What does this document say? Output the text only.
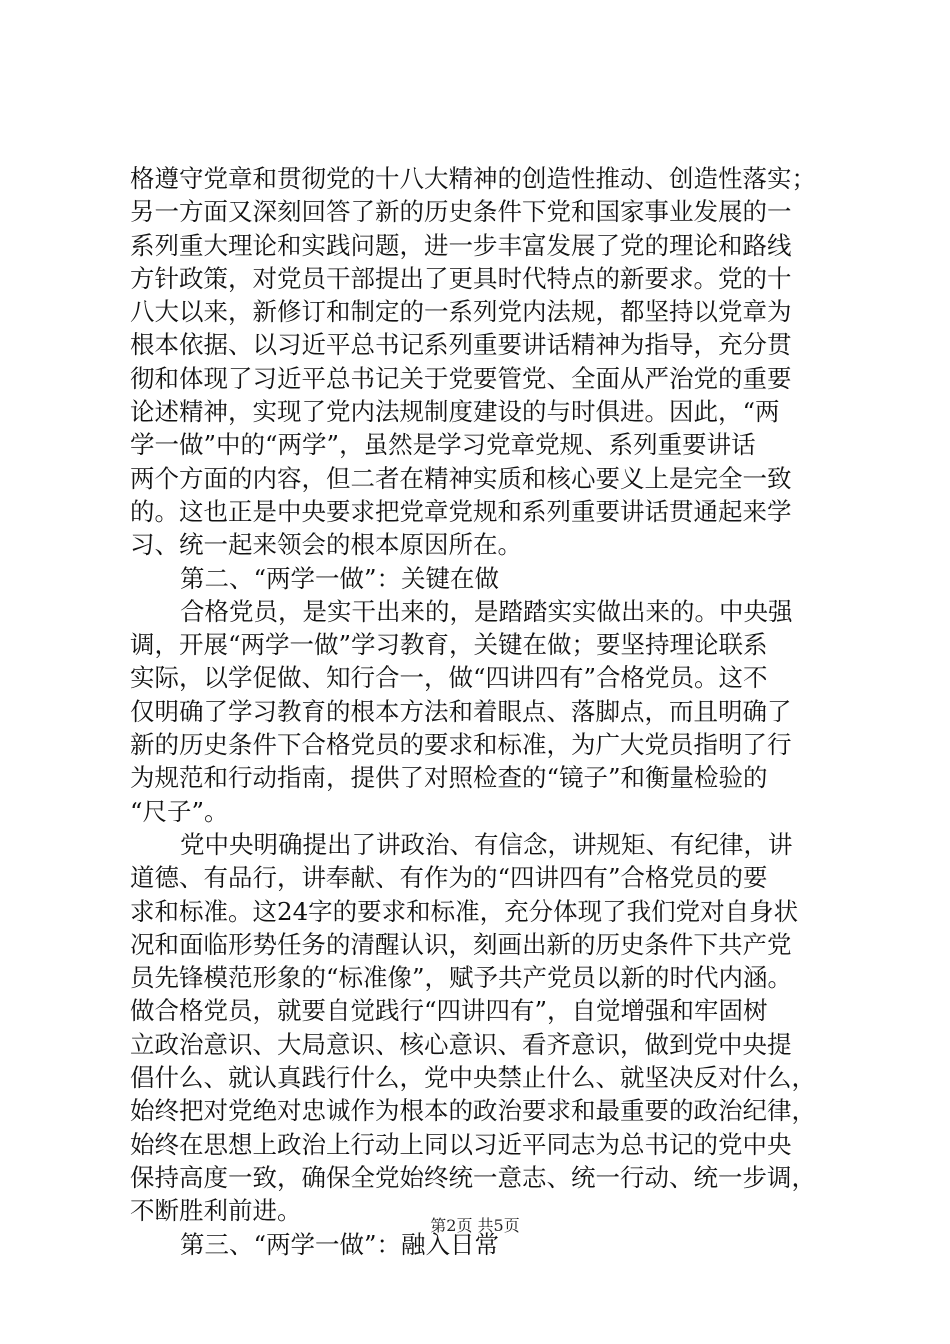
格遵守党章和贯彻党的十八大精神的创造性推动、创造性落实；
另一方面又深刻回答了新的历史条件下党和国家事业发展的一
系列重大理论和实践问题，进一步丰富发展了党的理论和路线
方针政策，对党员干部提出了更具时代特点的新要求。党的十
八大以来，新修订和制定的一系列党内法规，都坚持以党章为
根本依据、以习近平总书记系列重要讲话精神为指导，充分贯
彻和体现了习近平总书记关于党要管党、全面从严治党的重要
论述精神，实现了党内法规制度建设的与时俱进。因此，“两
学一做”中的“两学”，虽然是学习党章党规、系列重要讲话
两个方面的内容，但二者在精神实质和核心要义上是完全一致
的。这也正是中央要求把党章党规和系列重要讲话贯通起来学
习、统一起来领会的根本原因所在。
第二、“两学一做”：关键在做
合格党员，是实干出来的，是踏踏实实做出来的。中央强
调，开展“两学一做”学习教育，关键在做；要坚持理论联系
实际，以学促做、知行合一，做“四讲四有”合格党员。这不
仅明确了学习教育的根本方法和着眼点、落脚点，而且明确了
新的历史条件下合格党员的要求和标准，为广大党员指明了行
为规范和行动指南，提供了对照检查的“镜子”和衡量检验的
“尺子”。
党中央明确提出了讲政治、有信念，讲规矩、有纪律，讲
道德、有品行，讲奉献、有作为的“四讲四有”合格党员的要
求和标准。这24字的要求和标准，充分体现了我们党对自身状
况和面临形势任务的清醒认识，刻画出新的历史条件下共产党
员先锋模范形象的“标准像”，赋予共产党员以新的时代内涵。
做合格党员，就要自觉践行“四讲四有”，自觉增强和牢固树
立政治意识、大局意识、核心意识、看齐意识，做到党中央提
倡什么、就认真践行什么，党中央禁止什么、就坚决反对什么，
始终把对党绝对忠诚作为根本的政治要求和最重要的政治纪律，
始终在思想上政治上行动上同以习近平同志为总书记的党中央
保持高度一致，确保全党始终统一意志、统一行动、统一步调，
不断胜利前进。
第三、“两学一做”：融入日常
第2页 共5页
